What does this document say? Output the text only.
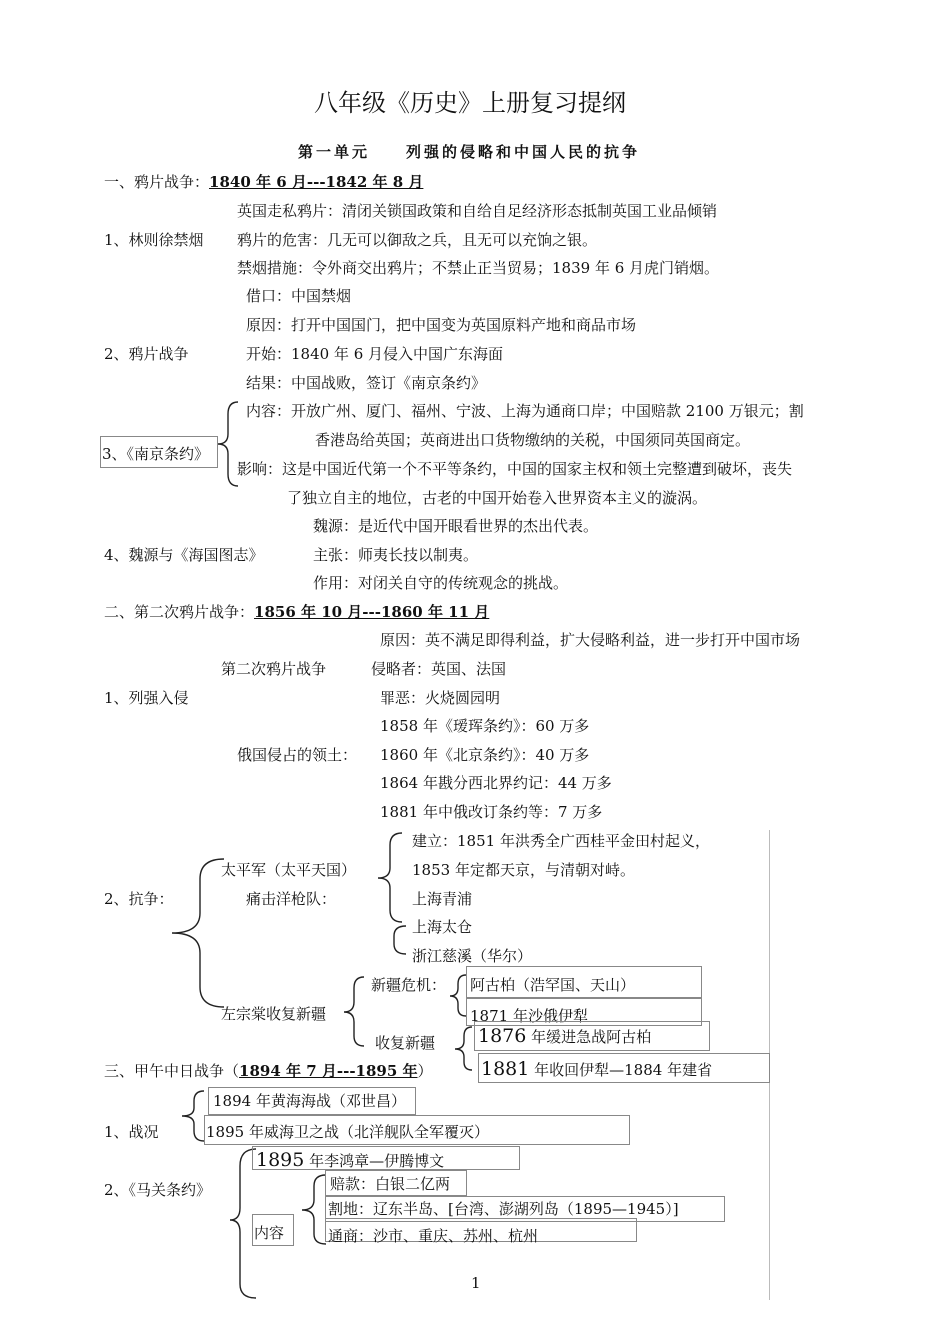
八年级《历史》上册复习提纲
第一单元　　列强的侵略和中国人民的抗争
一、鸦片战争：1840 年 6 月---1842 年 8 月
英国走私鸦片：清闭关锁国政策和自给自足经济形态抵制英国工业品倾销
1、林则徐禁烟 鸦片的危害：几无可以御敌之兵，且无可以充饷之银。
禁烟措施：令外商交出鸦片；不禁止正当贸易；1839 年 6 月虎门销烟。
借口：中国禁烟
原因：打开中国国门，把中国变为英国原料产地和商品市场
2、鸦片战争	开始：1840 年 6 月侵入中国广东海面
结果：中国战败，签订《南京条约》
内容：开放广州、厦门、福州、宁波、上海为通商口岸；中国赔款 2100 万银元；割
香港岛给英国；英商进出口货物缴纳的关税，中国须同英国商定。
3、《南京条约》
影响：这是中国近代第一个不平等条约，中国的国家主权和领土完整遭到破坏，丧失
了独立自主的地位，古老的中国开始卷入世界资本主义的漩涡。
魏源：是近代中国开眼看世界的杰出代表。
4、魏源与《海国图志》	主张：师夷长技以制夷。
作用：对闭关自守的传统观念的挑战。
二、第二次鸦片战争：1856 年 10 月---1860 年 11 月
原因：英不满足即得利益，扩大侵略利益，进一步打开中国市场
第二次鸦片战争	侵略者：英国、法国
1、列强入侵	罪恶：火烧圆园明
1858 年《瑷珲条约》：60 万多
俄国侵占的领土： 1860 年《北京条约》：40 万多
1864 年戡分西北界约记：44 万多
1881 年中俄改订条约等：7 万多
建立：1851 年洪秀全广西桂平金田村起义，
太平军（太平天国）	1853 年定都天京，与清朝对峙。
痛击洋枪队：	上海青浦
上海太仓
浙江慈溪（华尔）
2、抗争：
新疆危机： 阿古柏（浩罕国、天山）
1871 年沙俄伊犁
左宗棠收复新疆
收复新疆 1876 年缓进急战阿古柏
1881 年收回伊犁—1884 年建省
三、甲午中日战争（1894 年 7 月---1895 年）
1894 年黄海海战（邓世昌）
1、战况	1895 年威海卫之战（北洋舰队全军覆灭）
1895 年李鸿章—伊腾博文
2、《马关条约》
内容
赔款：白银二亿两
割地：辽东半岛、[台湾、澎湖列岛（1895—1945）]
通商：沙市、重庆、苏州、杭州
1
